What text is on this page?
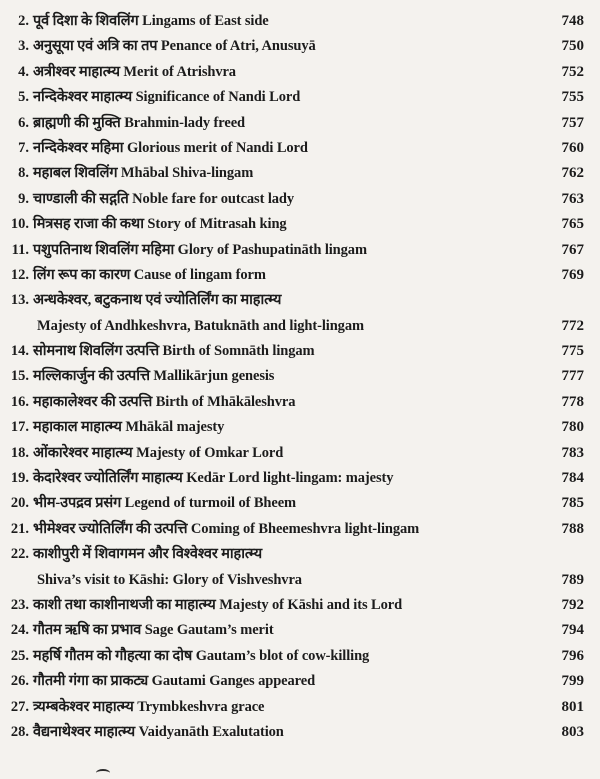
2. पूर्व दिशा के शिवलिंग Lingams of East side	748
3. अनुसूया एवं अत्रि का तप Penance of Atri, Anusuyā	750
4. अत्रीश्वर माहात्म्य Merit of Atrishvra	752
5. नन्दिकेश्वर माहात्म्य Significance of Nandi Lord	755
6. ब्राह्मणी की मुक्ति Brahmin-lady freed	757
7. नन्दिकेश्वर महिमा Glorious merit of Nandi Lord	760
8. महाबल शिवलिंग Mhābal Shiva-lingam	762
9. चाण्डाली की सद्गति Noble fare for outcast lady	763
10. मित्रसह राजा की कथा Story of Mitrasah king	765
11. पशुपतिनाथ शिवलिंग महिमा Glory of Pashupatināth lingam	767
12. लिंग रूप का कारण Cause of lingam form	769
13. अन्धकेश्वर, बटुकनाथ एवं ज्योतिर्लिंग का माहात्म्य
Majesty of Andhkeshvra, Batuknāth and light-lingam	772
14. सोमनाथ शिवलिंग उत्पत्ति Birth of Somnāth lingam	775
15. मल्लिकार्जुन की उत्पत्ति Mallikārjun genesis	777
16. महाकालेश्वर की उत्पत्ति Birth of Mhākāleshvra	778
17. महाकाल माहात्म्य Mhākāl majesty	780
18. ओंकारेश्वर माहात्म्य Majesty of Omkar Lord	783
19. केदारेश्वर ज्योतिर्लिंग माहात्म्य Kedār Lord light-lingam: majesty	784
20. भीम-उपद्रव प्रसंग Legend of turmoil of Bheem	785
21. भीमेश्वर ज्योतिर्लिंग की उत्पत्ति Coming of Bheemeshvra light-lingam	788
22. काशीपुरी में शिवागमन और विश्वेश्वर माहात्म्य
Shiva’s visit to Kāshi: Glory of Vishveshvra	789
23. काशी तथा काशीनाथजी का माहात्म्य Majesty of Kāshi and its Lord	792
24. गौतम ऋषि का प्रभाव Sage Gautam’s merit	794
25. महर्षि गौतम को गौहत्या का दोष Gautam’s blot of cow-killing	796
26. गौतमी गंगा का प्राकट्य Gautami Ganges appeared	799
27. त्र्यम्बकेश्वर माहात्म्य Trymbkeshvra grace	801
28. वैद्यनाथेश्वर माहात्म्य Vaidyanāth Exalutation	803
